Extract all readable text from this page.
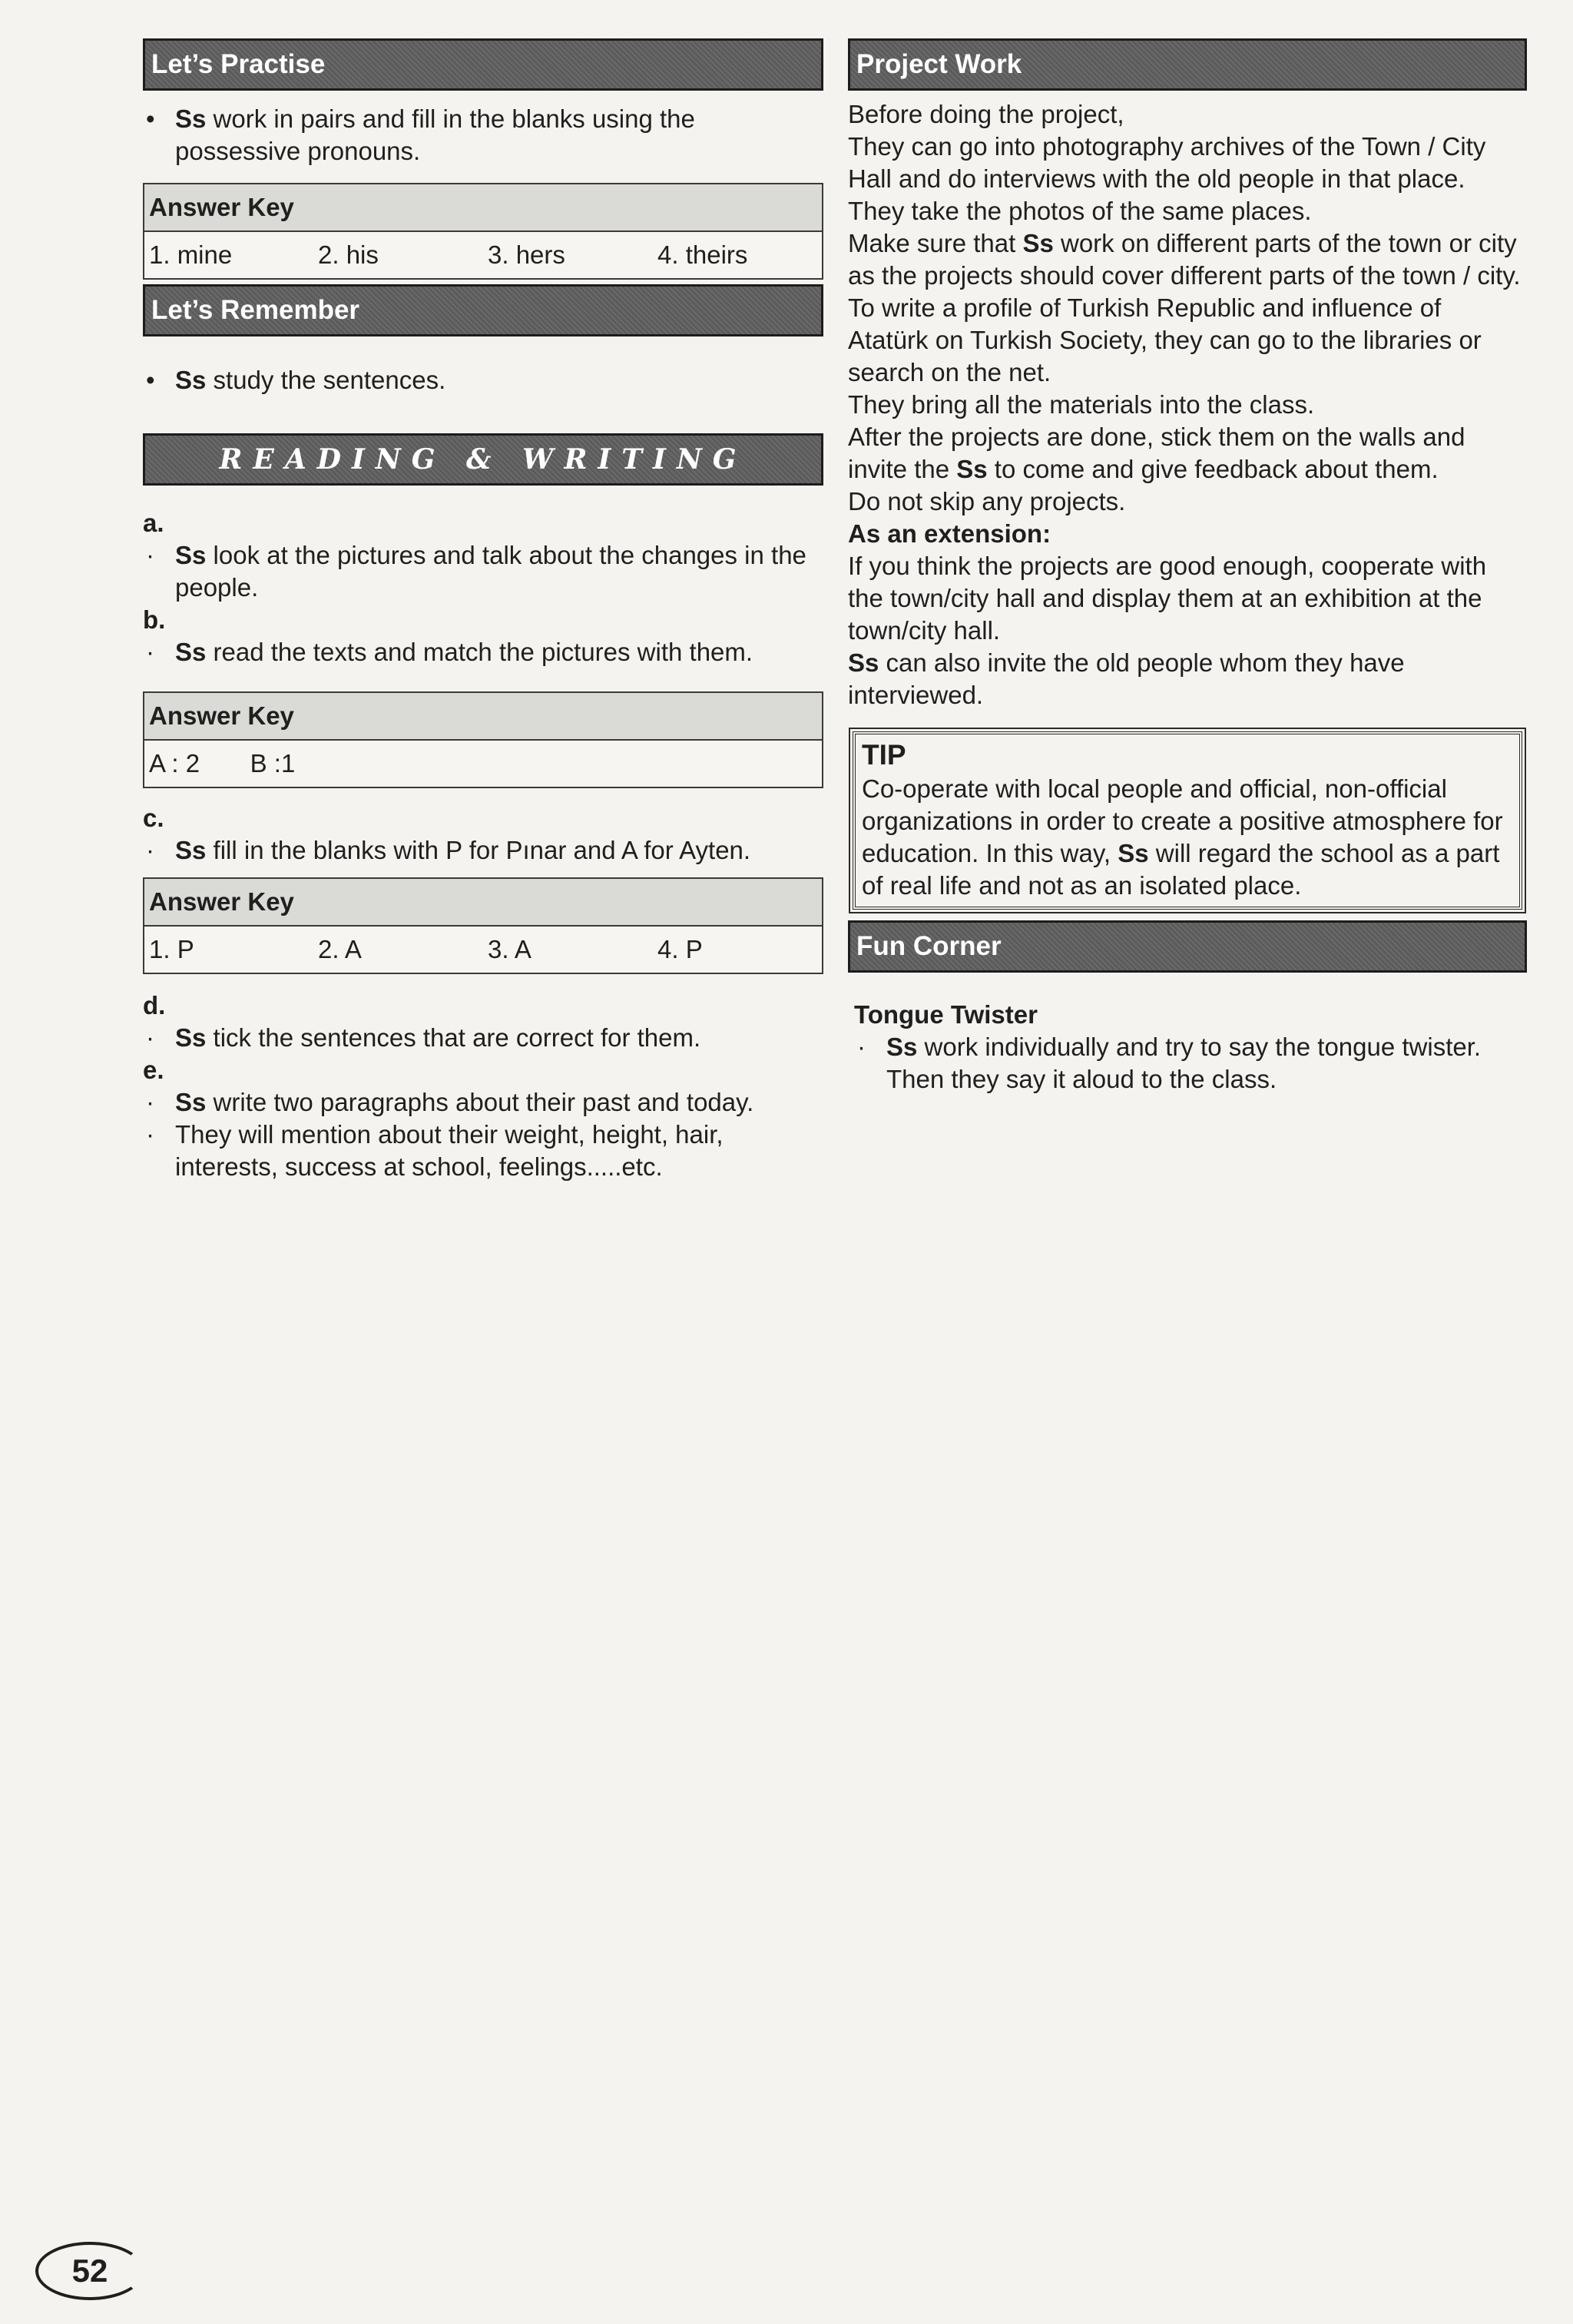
Let’s Practise
• Ss work in pairs and fill in the blanks using the possessive pronouns.
Answer Key
1. mine	2. his	3. hers	4. theirs
Let’s Remember
• Ss study the sentences.
READING & WRITING
a.
· Ss look at the pictures and talk about the changes in the people.
b.
· Ss read the texts and match the pictures with them.
Answer Key
A : 2	B :1	
c.
· Ss fill in the blanks with P for Pınar and A for Ayten.
Answer Key
1. P	2. A	3. A	4. P
d.
· Ss tick the sentences that are correct for them.
e.
· Ss write two paragraphs about their past and today.
· They will mention about their weight, height, hair, interests, success at school, feelings.....etc.
Project Work

Before doing the project,

They can go into photography archives of the Town / City Hall and do interviews with the old people in that place.

They take the photos of the same places.

Make sure that Ss work on different parts of the town or city as the projects should cover different parts of the town / city. To write a profile of Turkish Republic and influence of Atatürk on Turkish Society, they can go to the libraries or search on the net.

They bring all the materials into the class.

After the projects are done, stick them on the walls and invite the Ss to come and give feedback about them.

Do not skip any projects.

As an extension:

If you think the projects are good enough, cooperate with the town/city hall and display them at an exhibition at the town/city hall.

Ss can also invite the old people whom they have interviewed.

TIP

Co-operate with local people and official, non-official organizations in order to create a positive atmosphere for education. In this way, Ss will regard the school as a part of real life and not as an isolated place.

Fun Corner
Tongue Twister
· Ss work individually and try to say the tongue twister. Then they say it aloud to the class.
52
